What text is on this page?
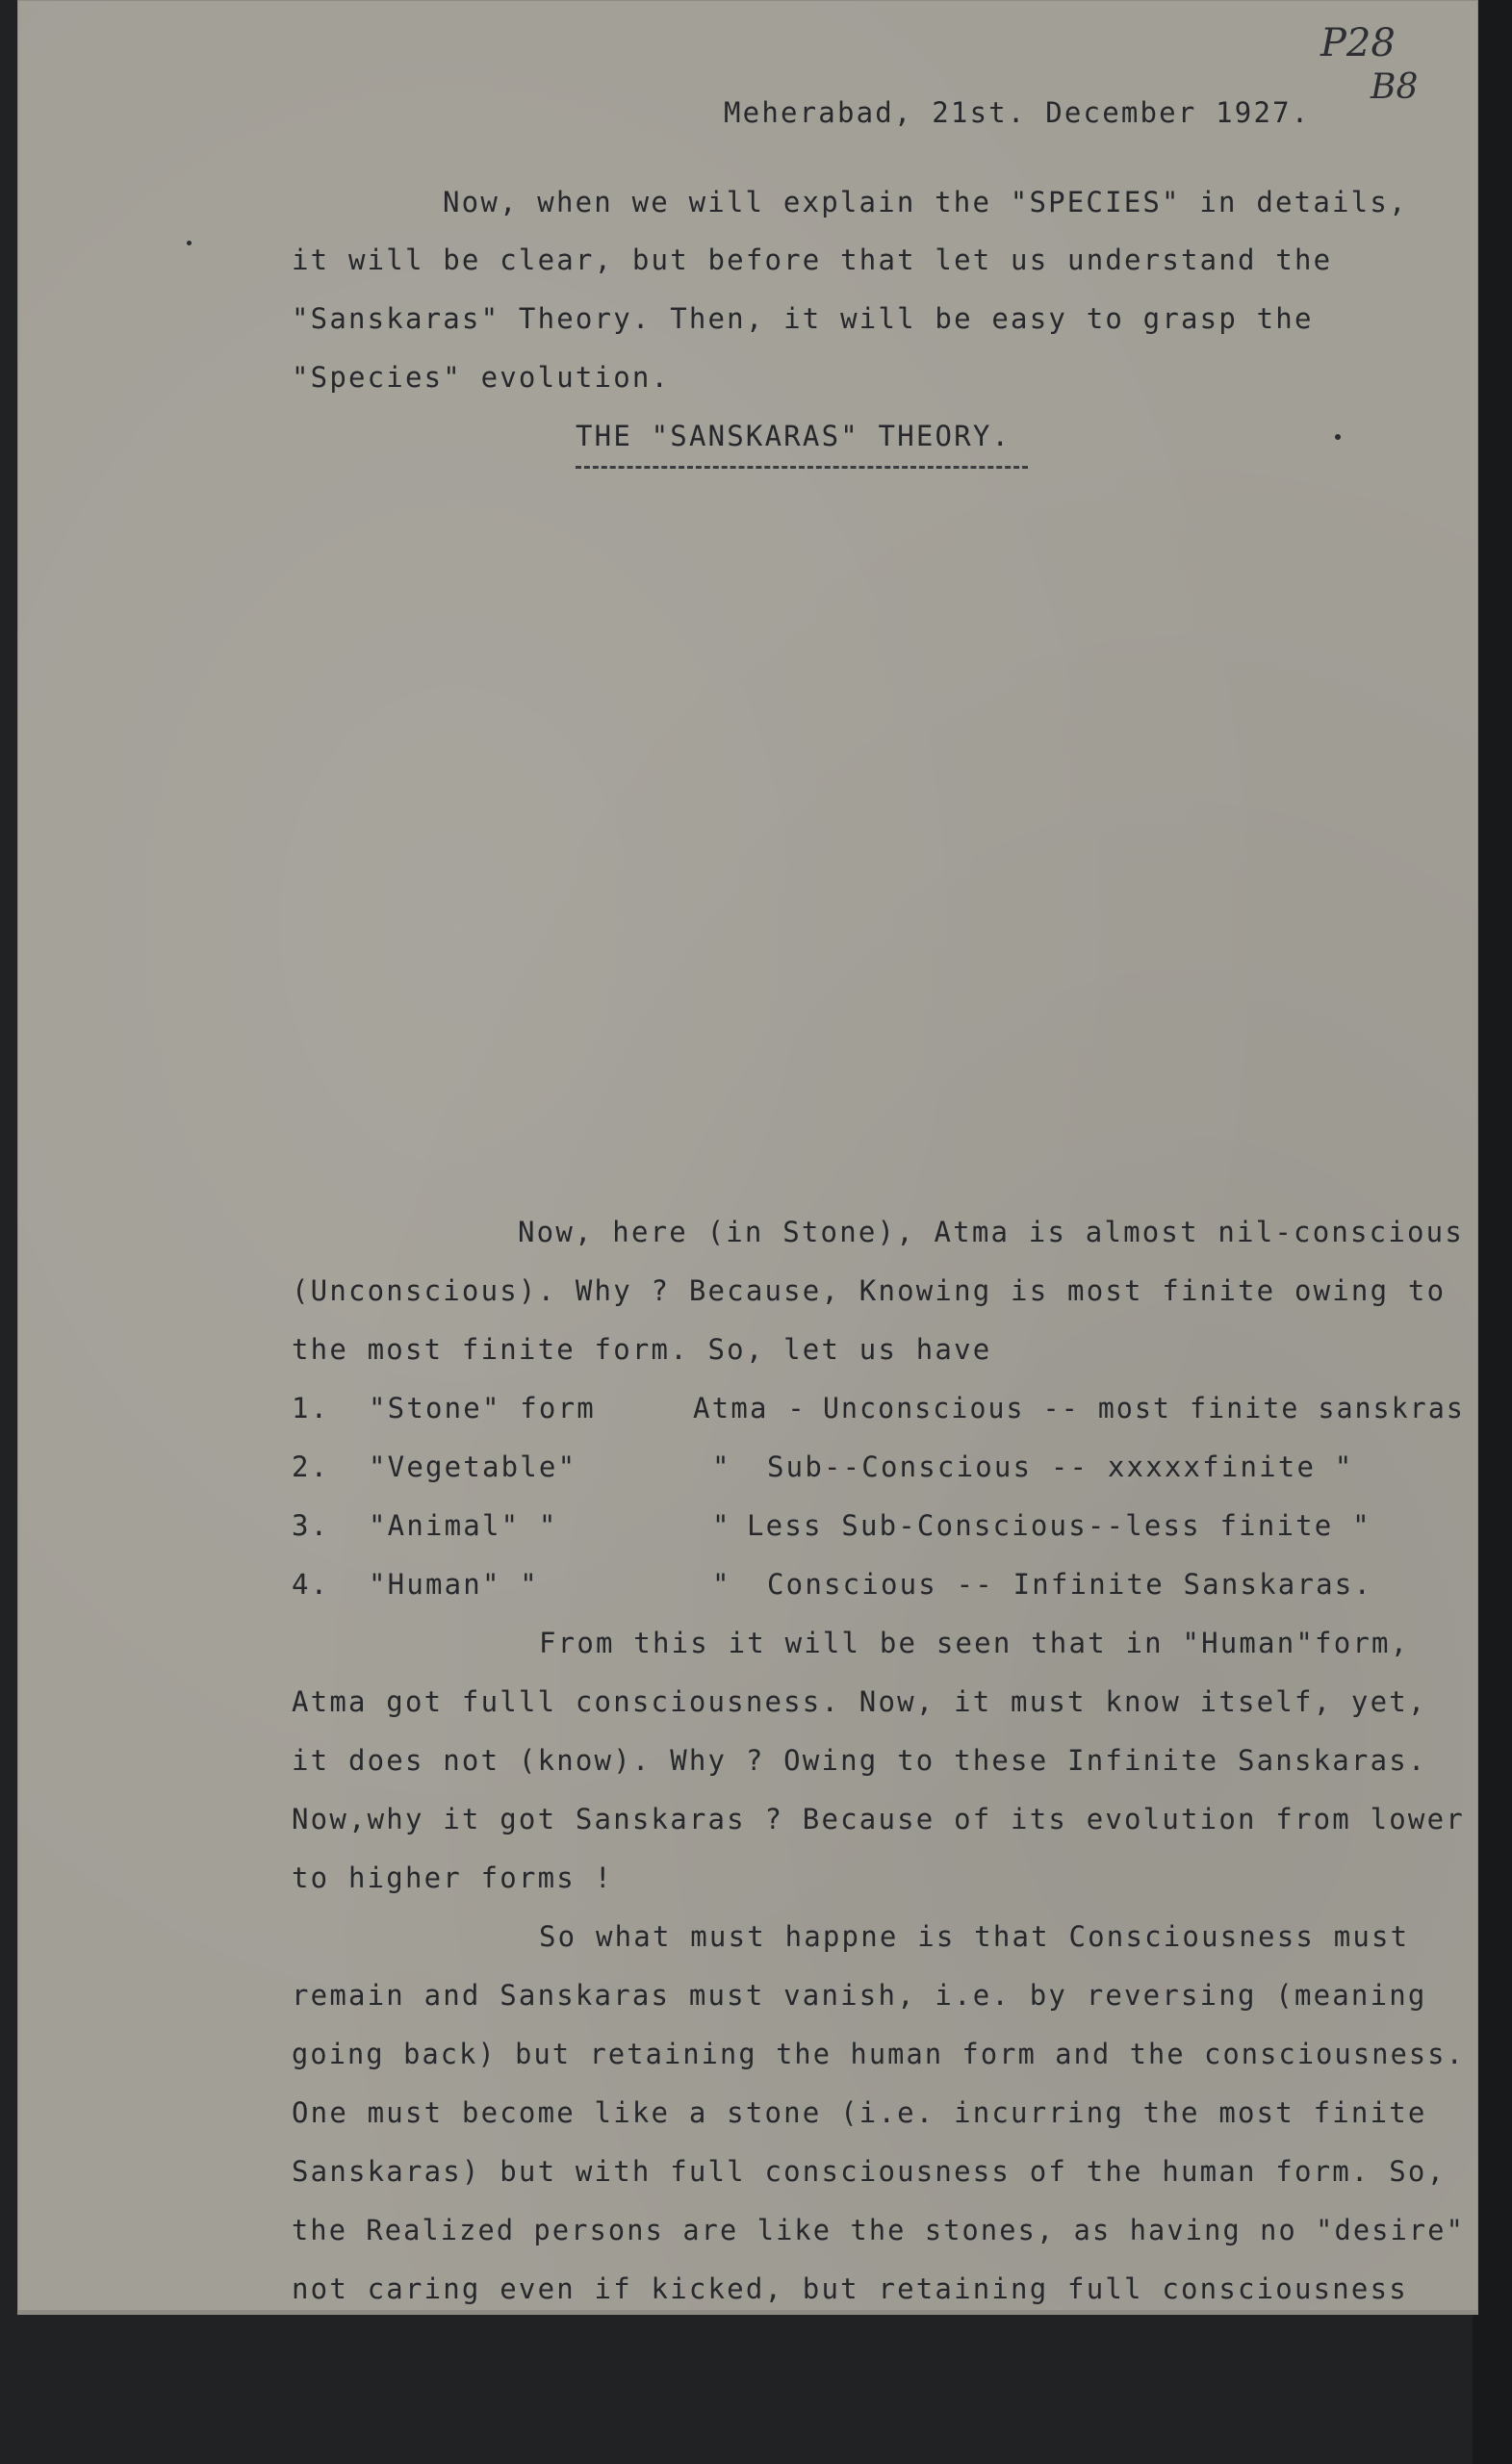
P28
B8
Meherabad, 21st. December 1927.
Now, when we will explain the "SPECIES" in details,
it will be clear, but before that let us understand the
"Sanskaras" Theory. Then, it will be easy to grasp the
"Species" evolution.
THE "SANSKARAS" THEORY.
Now, here (in Stone), Atma is almost nil-conscious
(Unconscious). Why ? Because, Knowing is most finite owing to
the most finite form. So, let us have
1. "Stone" form	Atma - Unconscious -- most finite sanskras
2. "Vegetable"	" Sub--Conscious -- xxxxxfinite "
3. "Animal" "	" Less Sub-Conscious--less finite "
4. "Human" "	" Conscious -- Infinite Sanskaras.
From this it will be seen that in "Human"form,
Atma got fulll consciousness. Now, it must know itself, yet,
it does not (know). Why ? Owing to these Infinite Sanskaras.
Now,why it got Sanskaras ? Because of its evolution from lower
to higher forms !
So what must happne is that Consciousness must
remain and Sanskaras must vanish, i.e. by reversing (meaning
going back) but retaining the human form and the consciousness.
One must become like a stone (i.e. incurring the most finite
Sanskaras) but with full consciousness of the human form. So,
the Realized persons are like the stones, as having no "desire"
not caring even if kicked, but retaining full consciousness
